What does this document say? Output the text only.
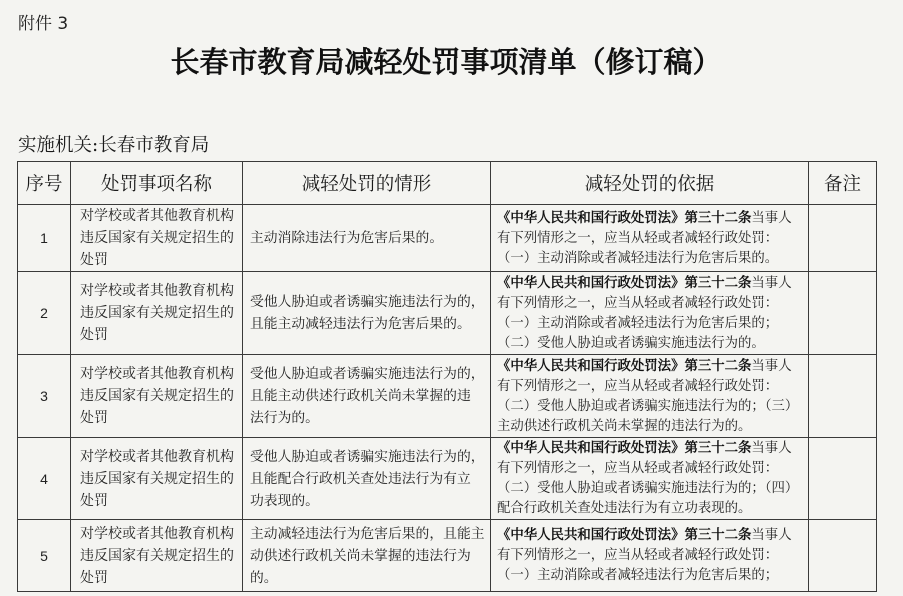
附件 3
长春市教育局减轻处罚事项清单（修订稿）
实施机关:长春市教育局
序号	处罚事项名称	减轻处罚的情形	减轻处罚的依据	备注
1	对学校或者其他教育机构
违反国家有关规定招生的
处罚	主动消除违法行为危害后果的。	《中华人民共和国行政处罚法》第三十二条当事人
有下列情形之一，应当从轻或者减轻行政处罚：
（一）主动消除或者减轻违法行为危害后果的。	

2	对学校或者其他教育机构
违反国家有关规定招生的
处罚	受他人胁迫或者诱骗实施违法行为的，
且能主动减轻违法行为危害后果的。	《中华人民共和国行政处罚法》第三十二条当事人
有下列情形之一，应当从轻或者减轻行政处罚：
（一）主动消除或者减轻违法行为危害后果的；
（二）受他人胁迫或者诱骗实施违法行为的。	

3	对学校或者其他教育机构
违反国家有关规定招生的
处罚	受他人胁迫或者诱骗实施违法行为的，
且能主动供述行政机关尚未掌握的违
法行为的。	《中华人民共和国行政处罚法》第三十二条当事人
有下列情形之一，应当从轻或者减轻行政处罚：
（二）受他人胁迫或者诱骗实施违法行为的；（三）
主动供述行政机关尚未掌握的违法行为的。	

4	对学校或者其他教育机构
违反国家有关规定招生的
处罚	受他人胁迫或者诱骗实施违法行为的，
且能配合行政机关查处违法行为有立
功表现的。	《中华人民共和国行政处罚法》第三十二条当事人
有下列情形之一，应当从轻或者减轻行政处罚：
（二）受他人胁迫或者诱骗实施违法行为的；（四）
配合行政机关查处违法行为有立功表现的。	

5	对学校或者其他教育机构
违反国家有关规定招生的
处罚	主动减轻违法行为危害后果的，且能主
动供述行政机关尚未掌握的违法行为
的。	《中华人民共和国行政处罚法》第三十二条当事人
有下列情形之一，应当从轻或者减轻行政处罚：
（一）主动消除或者减轻违法行为危害后果的；	
